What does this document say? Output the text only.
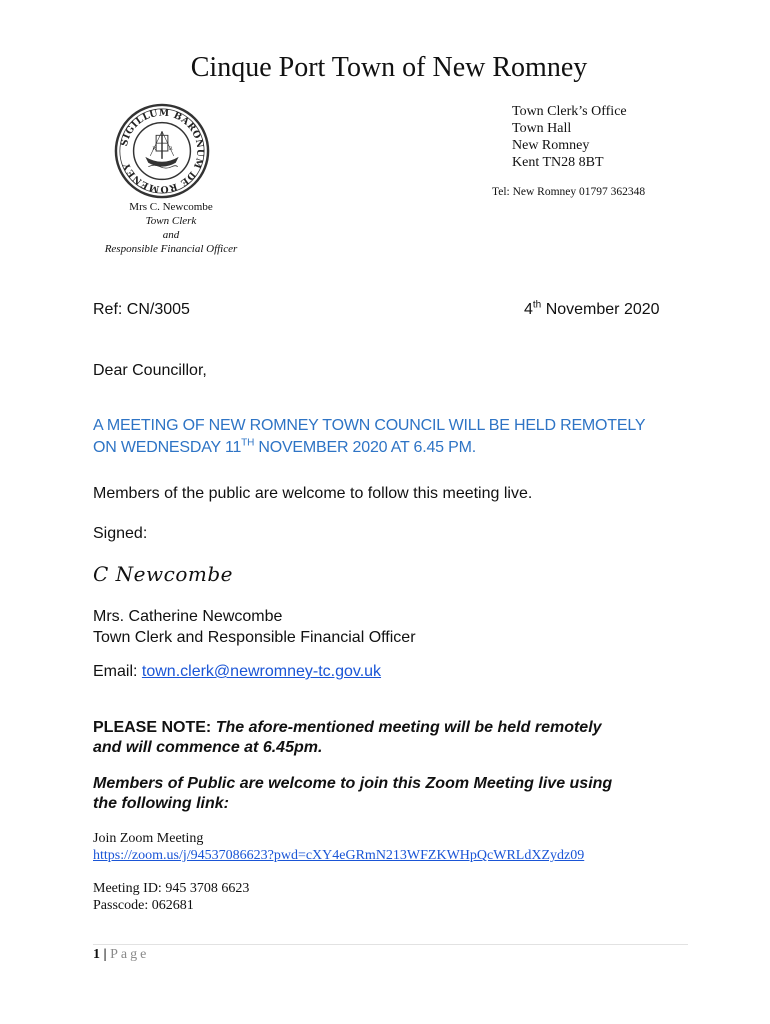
Cinque Port Town of New Romney
SIGILLUM BARONUM DE ROMENEY
R	R
Town Clerk’s Office
Town Hall
New Romney
Kent TN28 8BT
Tel: New Romney 01797 362348
Mrs C. Newcombe
Town Clerk
and
Responsible Financial Officer
Ref: CN/3005	4th November 2020
Dear Councillor,
A MEETING OF NEW ROMNEY TOWN COUNCIL WILL BE HELD REMOTELY
ON WEDNESDAY 11TH NOVEMBER 2020 AT 6.45 PM.
Members of the public are welcome to follow this meeting live.
Signed:
C Newcombe
Mrs. Catherine Newcombe
Town Clerk and Responsible Financial Officer
Email: town.clerk@newromney-tc.gov.uk
PLEASE NOTE: The afore-mentioned meeting will be held remotely
and will commence at 6.45pm.
Members of Public are welcome to join this Zoom Meeting live using
the following link:
Join Zoom Meeting
https://zoom.us/j/94537086623?pwd=cXY4eGRmN213WFZKWHpQcWRLdXZydz09
Meeting ID: 945 3708 6623
Passcode: 062681
1 | Page
